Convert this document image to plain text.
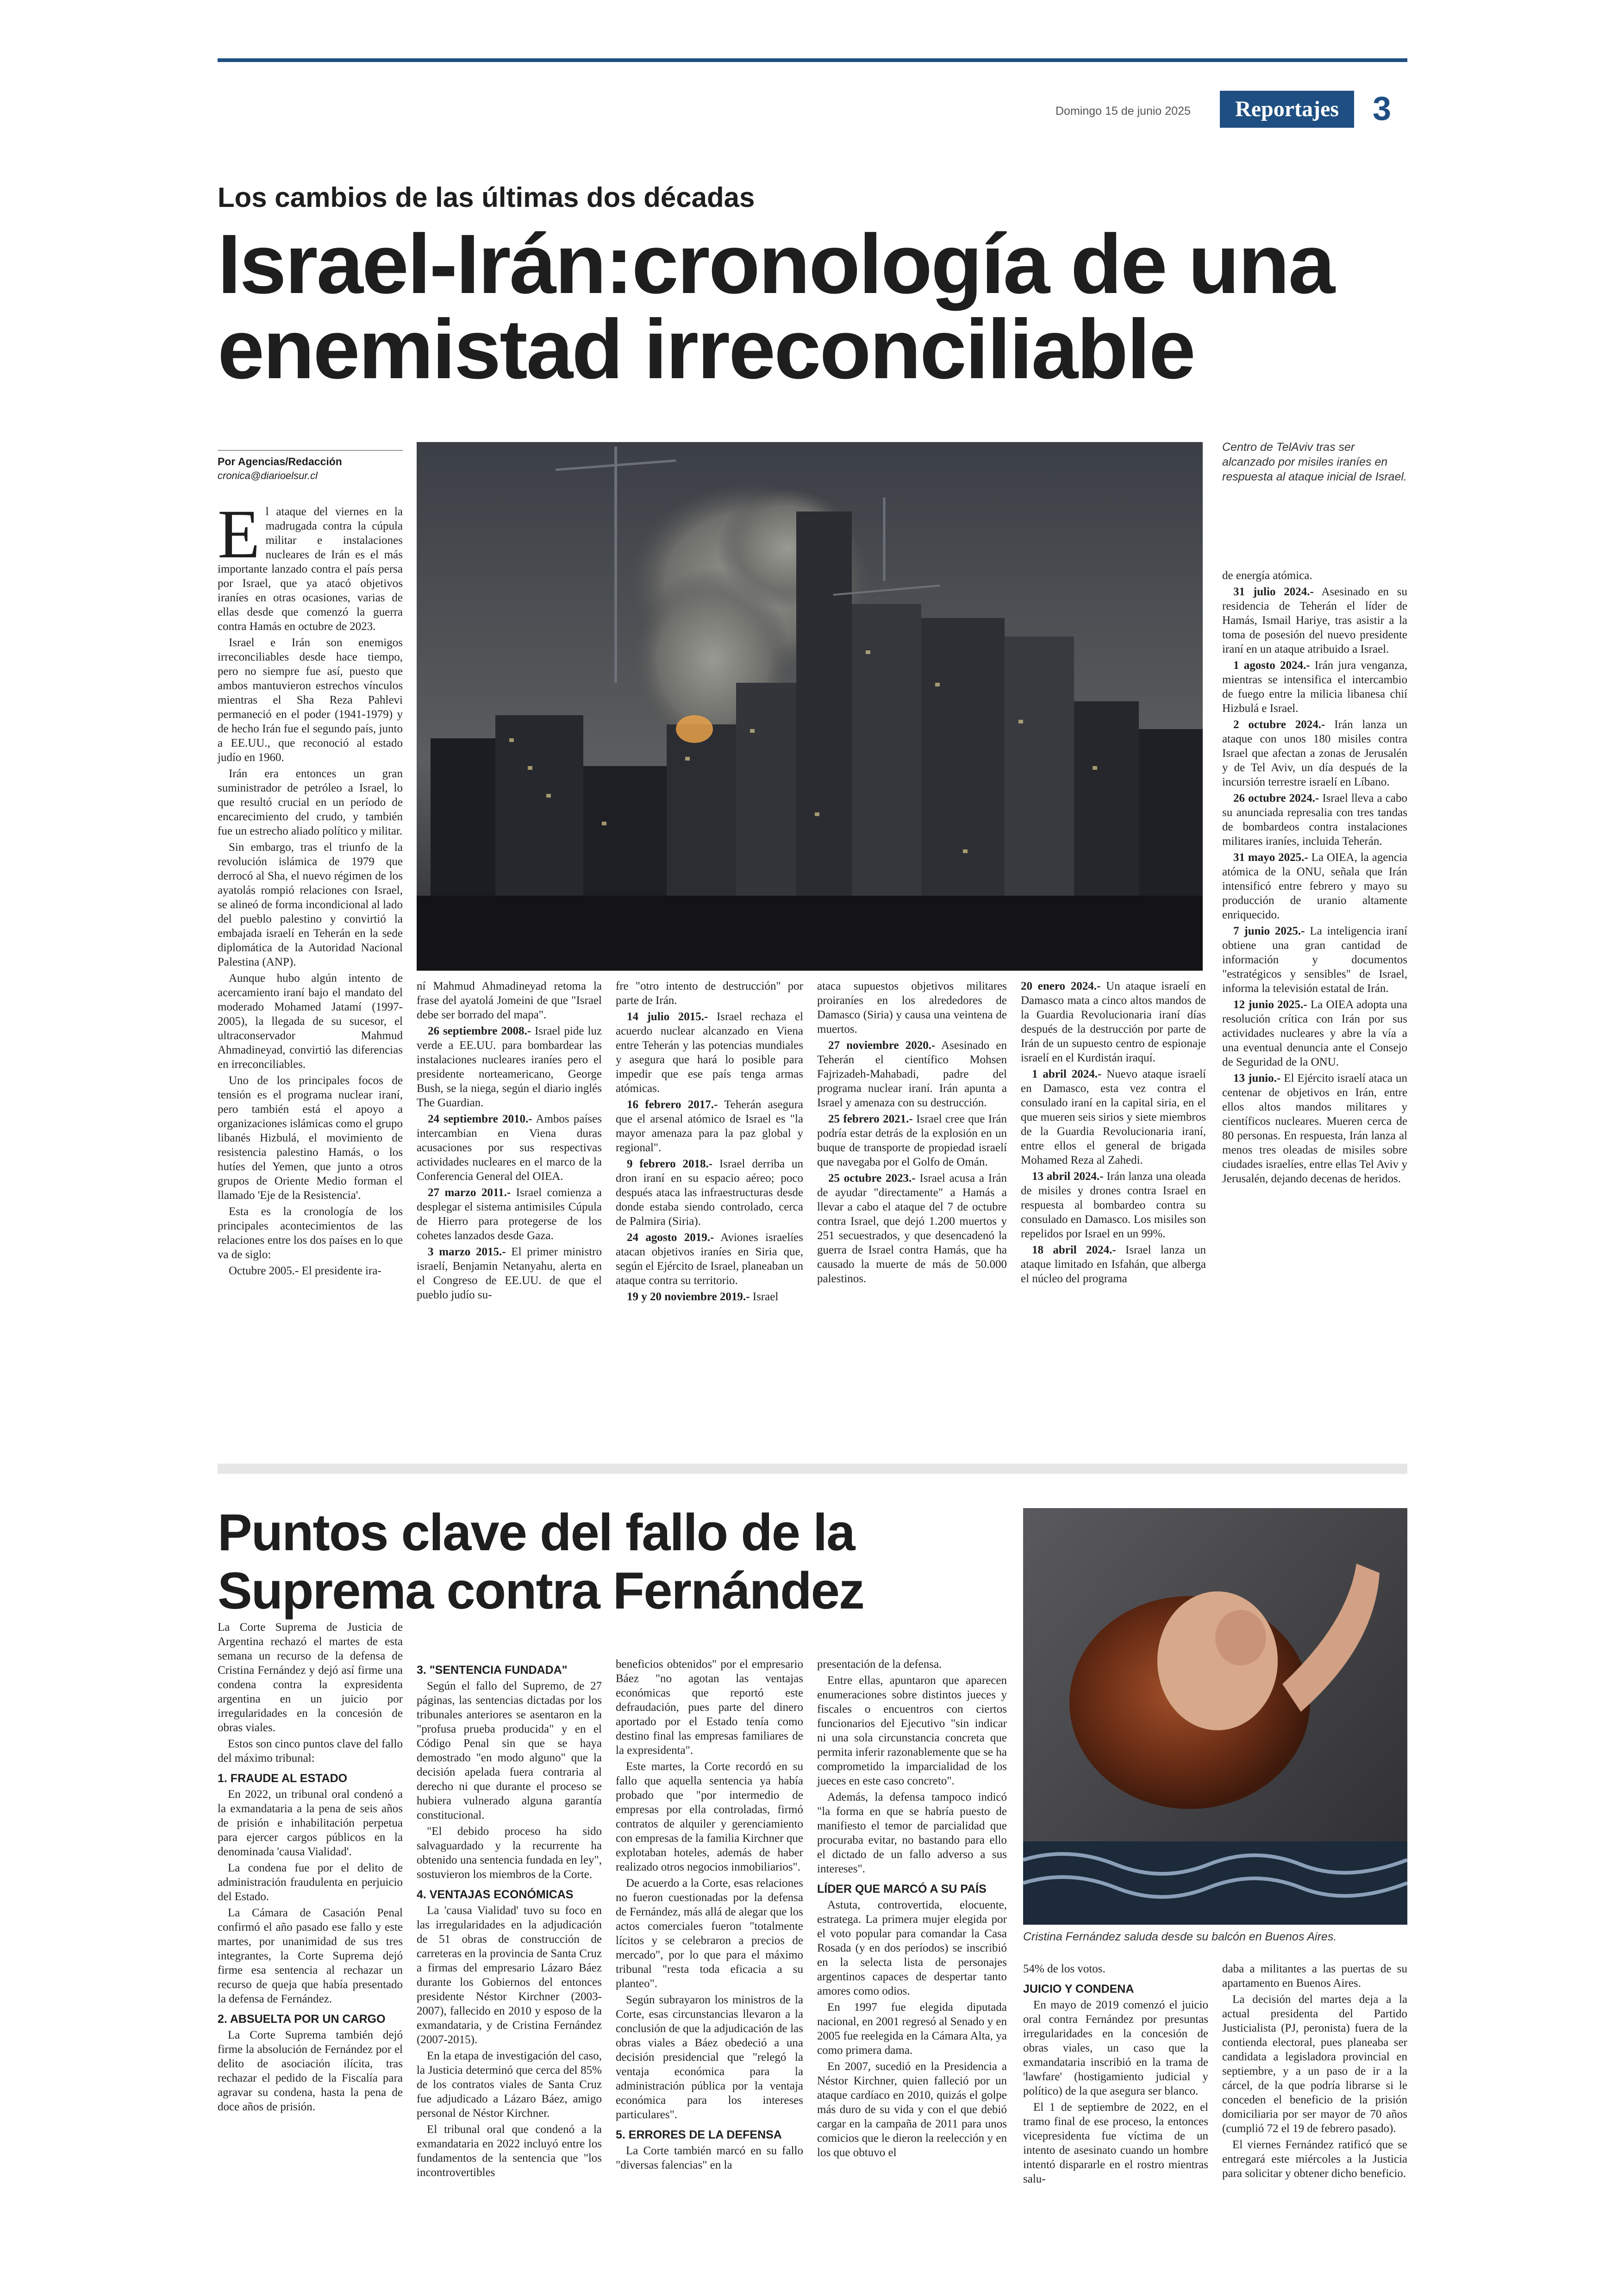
Domingo 15 de junio 2025	Reportajes	3
Los cambios de las últimas dos décadas
Israel-Irán:cronología de una enemistad irreconciliable
Por Agencias/Redacción
cronica@diarioelsur.cl
Centro de TelAviv tras ser alcanzado por misiles iraníes en respuesta al ataque inicial de Israel.

El ataque del viernes en la madrugada contra la cúpula militar e instalaciones nucleares de Irán es el más importante lanzado contra el país persa por Israel, que ya atacó objetivos iraníes en otras ocasiones, varias de ellas desde que comenzó la guerra contra Hamás en octubre de 2023.

Israel e Irán son enemigos irreconciliables desde hace tiempo, pero no siempre fue así, puesto que ambos mantuvieron estrechos vínculos mientras el Sha Reza Pahlevi permaneció en el poder (1941-1979) y de hecho Irán fue el segundo país, junto a EE.UU., que reconoció al estado judío en 1960.

Irán era entonces un gran suministrador de petróleo a Israel, lo que resultó crucial en un período de encarecimiento del crudo, y también fue un estrecho aliado político y militar.

Sin embargo, tras el triunfo de la revolución islámica de 1979 que derrocó al Sha, el nuevo régimen de los ayatolás rompió relaciones con Israel, se alineó de forma incondicional al lado del pueblo palestino y convirtió la embajada israelí en Teherán en la sede diplomática de la Autoridad Nacional Palestina (ANP).

Aunque hubo algún intento de acercamiento iraní bajo el mandato del moderado Mohamed Jatamí (1997-2005), la llegada de su sucesor, el ultraconservador Mahmud Ahmadineyad, convirtió las diferencias en irreconciliables.

Uno de los principales focos de tensión es el programa nuclear iraní, pero también está el apoyo a organizaciones islámicas como el grupo libanés Hizbulá, el movimiento de resistencia palestino Hamás, o los hutíes del Yemen, que junto a otros grupos de Oriente Medio forman el llamado 'Eje de la Resistencia'.

Esta es la cronología de los principales acontecimientos de las relaciones entre los dos países en lo que va de siglo:

Octubre 2005.- El presidente ira-

ní Mahmud Ahmadineyad retoma la frase del ayatolá Jomeini de que "Israel debe ser borrado del mapa".

26 septiembre 2008.- Israel pide luz verde a EE.UU. para bombardear las instalaciones nucleares iraníes pero el presidente norteamericano, George Bush, se la niega, según el diario inglés The Guardian.

24 septiembre 2010.- Ambos países intercambian en Viena duras acusaciones por sus respectivas actividades nucleares en el marco de la Conferencia General del OIEA.

27 marzo 2011.- Israel comienza a desplegar el sistema antimisiles Cúpula de Hierro para protegerse de los cohetes lanzados desde Gaza.

3 marzo 2015.- El primer ministro israelí, Benjamin Netanyahu, alerta en el Congreso de EE.UU. de que el pueblo judío su-

fre "otro intento de destrucción" por parte de Irán.

14 julio 2015.- Israel rechaza el acuerdo nuclear alcanzado en Viena entre Teherán y las potencias mundiales y asegura que hará lo posible para impedir que ese país tenga armas atómicas.

16 febrero 2017.- Teherán asegura que el arsenal atómico de Israel es "la mayor amenaza para la paz global y regional".

9 febrero 2018.- Israel derriba un dron iraní en su espacio aéreo; poco después ataca las infraestructuras desde donde estaba siendo controlado, cerca de Palmira (Siria).

24 agosto 2019.- Aviones israelíes atacan objetivos iraníes en Siria que, según el Ejército de Israel, planeaban un ataque contra su territorio.

19 y 20 noviembre 2019.- Israel

ataca supuestos objetivos militares proiraníes en los alrededores de Damasco (Siria) y causa una veintena de muertos.

27 noviembre 2020.- Asesinado en Teherán el científico Mohsen Fajrizadeh-Mahabadi, padre del programa nuclear iraní. Irán apunta a Israel y amenaza con su destrucción.

25 febrero 2021.- Israel cree que Irán podría estar detrás de la explosión en un buque de transporte de propiedad israelí que navegaba por el Golfo de Omán.

25 octubre 2023.- Israel acusa a Irán de ayudar "directamente" a Hamás a llevar a cabo el ataque del 7 de octubre contra Israel, que dejó 1.200 muertos y 251 secuestrados, y que desencadenó la guerra de Israel contra Hamás, que ha causado la muerte de más de 50.000 palestinos.

20 enero 2024.- Un ataque israelí en Damasco mata a cinco altos mandos de la Guardia Revolucionaria iraní días después de la destrucción por parte de Irán de un supuesto centro de espionaje israelí en el Kurdistán iraquí.

1 abril 2024.- Nuevo ataque israelí en Damasco, esta vez contra el consulado iraní en la capital siria, en el que mueren seis sirios y siete miembros de la Guardia Revolucionaria iraní, entre ellos el general de brigada Mohamed Reza al Zahedi.

13 abril 2024.- Irán lanza una oleada de misiles y drones contra Israel en respuesta al bombardeo contra su consulado en Damasco. Los misiles son repelidos por Israel en un 99%.

18 abril 2024.- Israel lanza un ataque limitado en Isfahán, que alberga el núcleo del programa

de energía atómica.

31 julio 2024.- Asesinado en su residencia de Teherán el líder de Hamás, Ismail Hariye, tras asistir a la toma de posesión del nuevo presidente iraní en un ataque atribuido a Israel.

1 agosto 2024.- Irán jura venganza, mientras se intensifica el intercambio de fuego entre la milicia libanesa chií Hizbulá e Israel.

2 octubre 2024.- Irán lanza un ataque con unos 180 misiles contra Israel que afectan a zonas de Jerusalén y de Tel Aviv, un día después de la incursión terrestre israelí en Líbano.

26 octubre 2024.- Israel lleva a cabo su anunciada represalia con tres tandas de bombardeos contra instalaciones militares iraníes, incluida Teherán.

31 mayo 2025.- La OIEA, la agencia atómica de la ONU, señala que Irán intensificó entre febrero y mayo su producción de uranio altamente enriquecido.

7 junio 2025.- La inteligencia iraní obtiene una gran cantidad de información y documentos "estratégicos y sensibles" de Israel, informa la televisión estatal de Irán.

12 junio 2025.- La OIEA adopta una resolución crítica con Irán por sus actividades nucleares y abre la vía a una eventual denuncia ante el Consejo de Seguridad de la ONU.

13 junio.- El Ejército israelí ataca un centenar de objetivos en Irán, entre ellos altos mandos militares y científicos nucleares. Mueren cerca de 80 personas. En respuesta, Irán lanza al menos tres oleadas de misiles sobre ciudades israelíes, entre ellas Tel Aviv y Jerusalén, dejando decenas de heridos.

Puntos clave del fallo de la Suprema contra Fernández

La Corte Suprema de Justicia de Argentina rechazó el martes de esta semana un recurso de la defensa de Cristina Fernández y dejó así firme una condena contra la expresidenta argentina en un juicio por irregularidades en la concesión de obras viales.

Estos son cinco puntos clave del fallo del máximo tribunal:

1. FRAUDE AL ESTADO

En 2022, un tribunal oral condenó a la exmandataria a la pena de seis años de prisión e inhabilitación perpetua para ejercer cargos públicos en la denominada 'causa Vialidad'.

La condena fue por el delito de administración fraudulenta en perjuicio del Estado.

La Cámara de Casación Penal confirmó el año pasado ese fallo y este martes, por unanimidad de sus tres integrantes, la Corte Suprema dejó firme esa sentencia al rechazar un recurso de queja que había presentado la defensa de Fernández.

2. ABSUELTA POR UN CARGO

La Corte Suprema también dejó firme la absolución de Fernández por el delito de asociación ilícita, tras rechazar el pedido de la Fiscalía para agravar su condena, hasta la pena de doce años de prisión.

3. "SENTENCIA FUNDADA"

Según el fallo del Supremo, de 27 páginas, las sentencias dictadas por los tribunales anteriores se asentaron en la "profusa prueba producida" y en el Código Penal sin que se haya demostrado "en modo alguno" que la decisión apelada fuera contraria al derecho ni que durante el proceso se hubiera vulnerado alguna garantía constitucional.

"El debido proceso ha sido salvaguardado y la recurrente ha obtenido una sentencia fundada en ley", sostuvieron los miembros de la Corte.

4. VENTAJAS ECONÓMICAS

La 'causa Vialidad' tuvo su foco en las irregularidades en la adjudicación de 51 obras de construcción de carreteras en la provincia de Santa Cruz a firmas del empresario Lázaro Báez durante los Gobiernos del entonces presidente Néstor Kirchner (2003-2007), fallecido en 2010 y esposo de la exmandataria, y de Cristina Fernández (2007-2015).

En la etapa de investigación del caso, la Justicia determinó que cerca del 85% de los contratos viales de Santa Cruz fue adjudicado a Lázaro Báez, amigo personal de Néstor Kirchner.

El tribunal oral que condenó a la exmandataria en 2022 incluyó entre los fundamentos de la sentencia que "los incontrovertibles

beneficios obtenidos" por el empresario Báez "no agotan las ventajas económicas que reportó este defraudación, pues parte del dinero aportado por el Estado tenía como destino final las empresas familiares de la expresidenta".

Este martes, la Corte recordó en su fallo que aquella sentencia ya había probado que "por intermedio de empresas por ella controladas, firmó contratos de alquiler y gerenciamiento con empresas de la familia Kirchner que explotaban hoteles, además de haber realizado otros negocios inmobiliarios".

De acuerdo a la Corte, esas relaciones no fueron cuestionadas por la defensa de Fernández, más allá de alegar que los actos comerciales fueron "totalmente lícitos y se celebraron a precios de mercado", por lo que para el máximo tribunal "resta toda eficacia a su planteo".

Según subrayaron los ministros de la Corte, esas circunstancias llevaron a la conclusión de que la adjudicación de las obras viales a Báez obedeció a una decisión presidencial que "relegó la ventaja económica para la administración pública por la ventaja económica para los intereses particulares".

5. ERRORES DE LA DEFENSA

La Corte también marcó en su fallo "diversas falencias" en la

presentación de la defensa.

Entre ellas, apuntaron que aparecen enumeraciones sobre distintos jueces y fiscales o encuentros con ciertos funcionarios del Ejecutivo "sin indicar ni una sola circunstancia concreta que permita inferir razonablemente que se ha comprometido la imparcialidad de los jueces en este caso concreto".

Además, la defensa tampoco indicó "la forma en que se habría puesto de manifiesto el temor de parcialidad que procuraba evitar, no bastando para ello el dictado de un fallo adverso a sus intereses".

LÍDER QUE MARCÓ A SU PAÍS

Astuta, controvertida, elocuente, estratega. La primera mujer elegida por el voto popular para comandar la Casa Rosada (y en dos períodos) se inscribió en la selecta lista de personajes argentinos capaces de despertar tanto amores como odios.

En 1997 fue elegida diputada nacional, en 2001 regresó al Senado y en 2005 fue reelegida en la Cámara Alta, ya como primera dama.

En 2007, sucedió en la Presidencia a Néstor Kirchner, quien falleció por un ataque cardíaco en 2010, quizás el golpe más duro de su vida y con el que debió cargar en la campaña de 2011 para unos comicios que le dieron la reelección y en los que obtuvo el

54% de los votos.

JUICIO Y CONDENA

En mayo de 2019 comenzó el juicio oral contra Fernández por presuntas irregularidades en la concesión de obras viales, un caso que la exmandataria inscribió en la trama de 'lawfare' (hostigamiento judicial y político) de la que asegura ser blanco.

El 1 de septiembre de 2022, en el tramo final de ese proceso, la entonces vicepresidenta fue víctima de un intento de asesinato cuando un hombre intentó dispararle en el rostro mientras salu-

daba a militantes a las puertas de su apartamento en Buenos Aires.

La decisión del martes deja a la actual presidenta del Partido Justicialista (PJ, peronista) fuera de la contienda electoral, pues planeaba ser candidata a legisladora provincial en septiembre, y a un paso de ir a la cárcel, de la que podría librarse si le conceden el beneficio de la prisión domiciliaria por ser mayor de 70 años (cumplió 72 el 19 de febrero pasado).

El viernes Fernández ratificó que se entregará este miércoles a la Justicia para solicitar y obtener dicho beneficio.

Cristina Fernández saluda desde su balcón en Buenos Aires.
